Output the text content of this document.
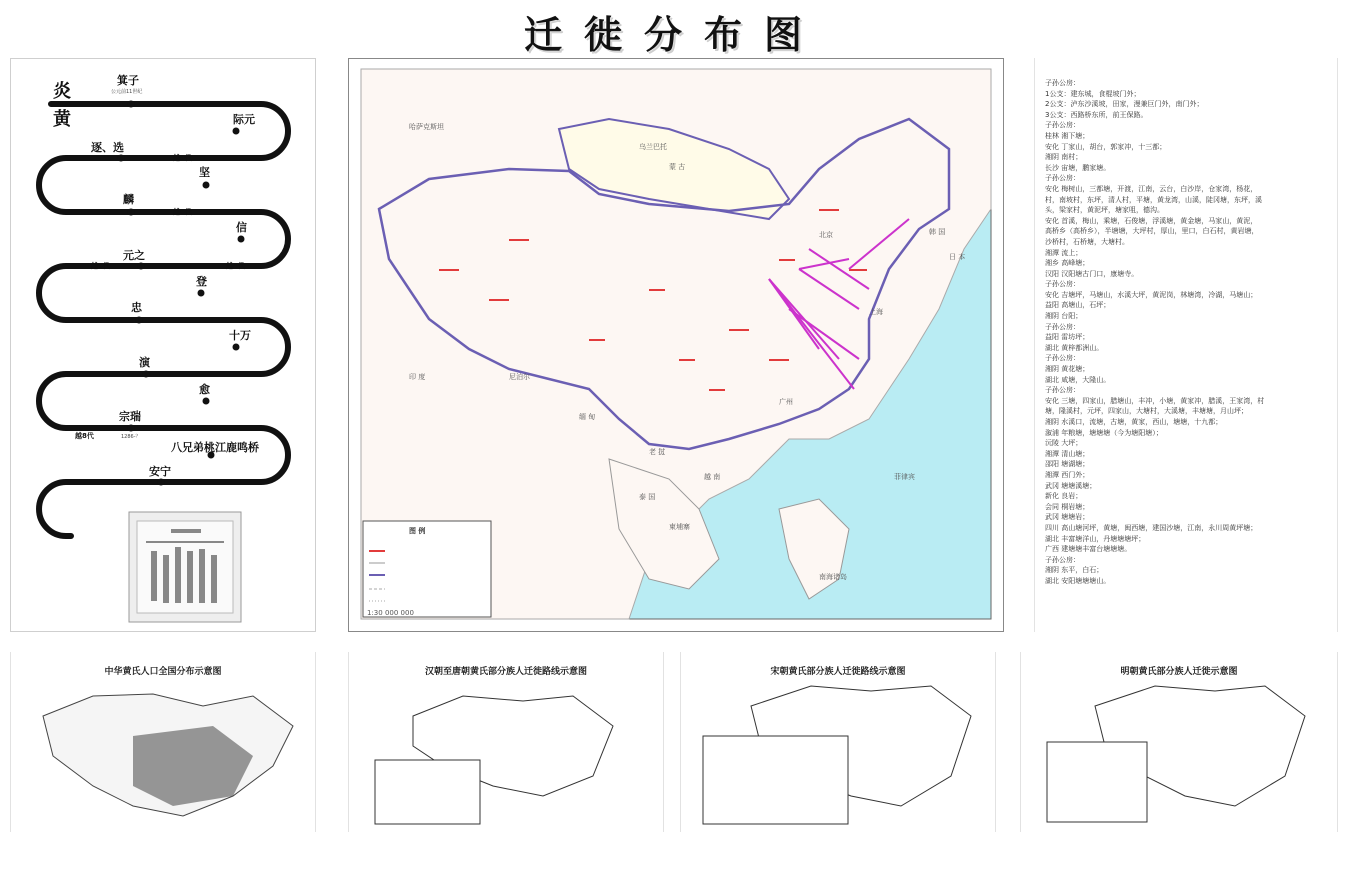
迁徙分布图
炎
黄
箕子
公元前11世纪
际元
逐、选
坚
麟
信
元之
登
忠
十万
演
愈
宗瑞
1286-？
八兄弟桃江鹿鸣桥
安宁
越9代
越6代
越5代	越4代
越8代
蒙 古
哈萨克斯坦
乌兰巴托
北京
上海
广州
印 度
老 挝
泰 国
越 南
柬埔寨
菲律宾
南海诸岛
日 本
韩 国
尼泊尔
缅 甸
图 例
1:30 000 000
子孙公房：
1公支：建东城，食棍坡门外；
2公支：泸东沙溪坡，田家，漫兼巨门外，南门外；
3公支：西路桥东所，前王保路。
子孙公房：
桂林 湘下塘；
安化 丁家山，胡台，郭家冲，十三都；
湘阴 南村；
长沙 宙塘，鹏家塘。
子孙公房：
安化 梅树山，三都塘，开渡，江南，云台，白沙岸，仓家湾，杨花，
村，南坡村，东坪，清人村，平塘，黄龙湾，山溪，陡冈塘，东坪，溪
头，梁家村，黄泥坪，塘家咀，德沟。
安化 首溪，梅山，乘塘，石俊塘，浮溪塘，黄金塘，马家山，黄泥，
高桥乡（高桥乡），半塘塘，大坪村，厚山，里口，白石村，黄岩塘，
沙桥村，石桥塘，大塘村。
湘潭 流上；
湘乡 高峰塘；
汉阳 汉阳塘古门口，康塘寺。
子孙公房：
安化 吉塘坪，马塘山，水溪大坪，黄泥岗，林塘湾，冷湖，马塘山；
益阳 高塘山，石坪；
湘阴 台阳；
子孙公房：
益阳 雷坊坪；
湖北 黄梓都洲山。
子孙公房：
湘阴 黄花塘；
湖北 咸塘，大隆山。
子孙公房：
安化 三塘，四家山，腊塘山，丰冲，小塘，黄家冲，腊溪，王家湾，村
塘，隆溪村，元坪，四家山，大塘村，大溪塘，丰塘塘，月山坪；
湘阴 水溪口，流塘，古塘，黄家，西山，塘塘，十九都；
溆浦 年粮塘，塘塘塘（今为塘阳塘）；
沅陵 大坪；
湘潭 清山塘；
邵阳 塘湖塘；
湘潭 西门外；
武冈 塘塘溪塘；
新化 良岩；
会同 桐岩塘；
武冈 塘塘岩；
四川 高山塘河坪，黄塘，闽西塘，建国沙塘，江南，永川周黄坪塘；
湖北 丰富塘洋山，丹塘塘塘坪；
广西 建塘塘丰富台塘塘塘。
子孙公房：
湘阴 东平，白石；
湖北 安阳塘塘塘山。
中华黄氏人口全国分布示意图	汉朝至唐朝黄氏部分族人迁徙路线示意图	宋朝黄氏部分族人迁徙路线示意图	明朝黄氏部分族人迁徙示意图
